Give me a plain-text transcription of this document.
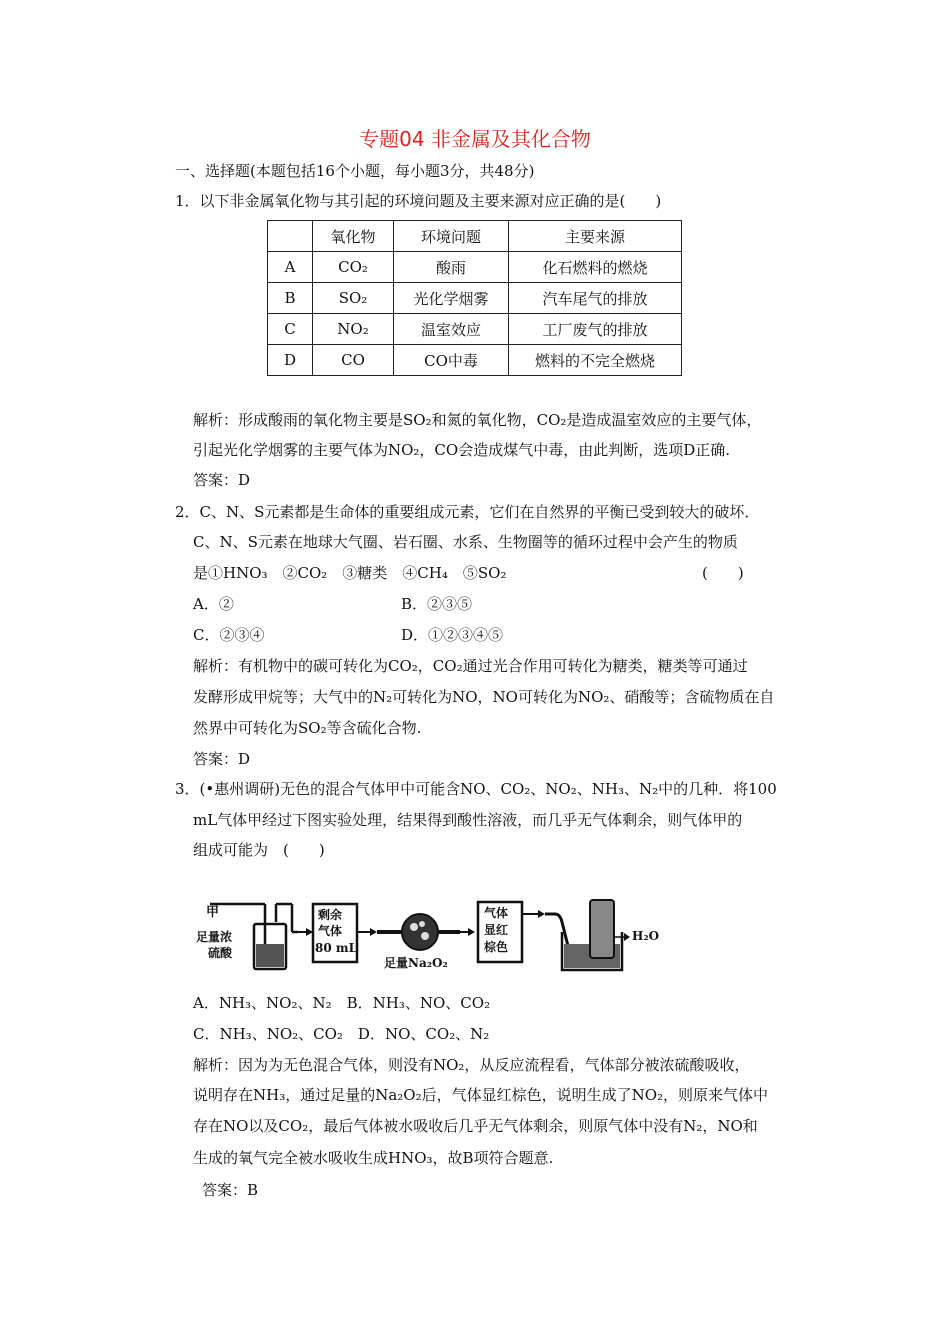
专题04 非金属及其化合物
一、选择题(本题包括16个小题，每小题3分，共48分)
1．以下非金属氧化物与其引起的环境问题及主要来源对应正确的是(　　)
	氧化物	环境问题	主要来源
A	CO₂	酸雨	化石燃料的燃烧
B	SO₂	光化学烟雾	汽车尾气的排放
C	NO₂	温室效应	工厂废气的排放
D	CO	CO中毒	燃料的不完全燃烧
解析：形成酸雨的氧化物主要是SO₂和氮的氧化物，CO₂是造成温室效应的主要气体，
引起光化学烟雾的主要气体为NO₂，CO会造成煤气中毒，由此判断，选项D正确.
答案：D
2．C、N、S元素都是生命体的重要组成元素，它们在自然界的平衡已受到较大的破坏．
C、N、S元素在地球大气圈、岩石圈、水系、生物圈等的循环过程中会产生的物质
是①HNO₃　②CO₂　③糖类　④CH₄　⑤SO₂	(　　)
A．②	B．②③⑤
C．②③④	D．①②③④⑤
解析：有机物中的碳可转化为CO₂，CO₂通过光合作用可转化为糖类，糖类等可通过
发酵形成甲烷等；大气中的N₂可转化为NO，NO可转化为NO₂、硝酸等；含硫物质在自
然界中可转化为SO₂等含硫化合物.
答案：D
3．(•惠州调研)无色的混合气体甲中可能含NO、CO₂、NO₂、NH₃、N₂中的几种．将100
mL气体甲经过下图实验处理，结果得到酸性溶液，而几乎无气体剩余，则气体甲的
组成可能为　(　　)
甲
足量浓
硫酸
剩余
气体
80 mL
足量Na₂O₂
气体
显红
棕色
H₂O
A．NH₃、NO₂、N₂　B．NH₃、NO、CO₂
C．NH₃、NO₂、CO₂　D．NO、CO₂、N₂
解析：因为为无色混合气体，则没有NO₂，从反应流程看，气体部分被浓硫酸吸收，
说明存在NH₃，通过足量的Na₂O₂后，气体显红棕色，说明生成了NO₂，则原来气体中
存在NO以及CO₂，最后气体被水吸收后几乎无气体剩余，则原气体中没有N₂，NO和
生成的氧气完全被水吸收生成HNO₃，故B项符合题意.
答案：B
